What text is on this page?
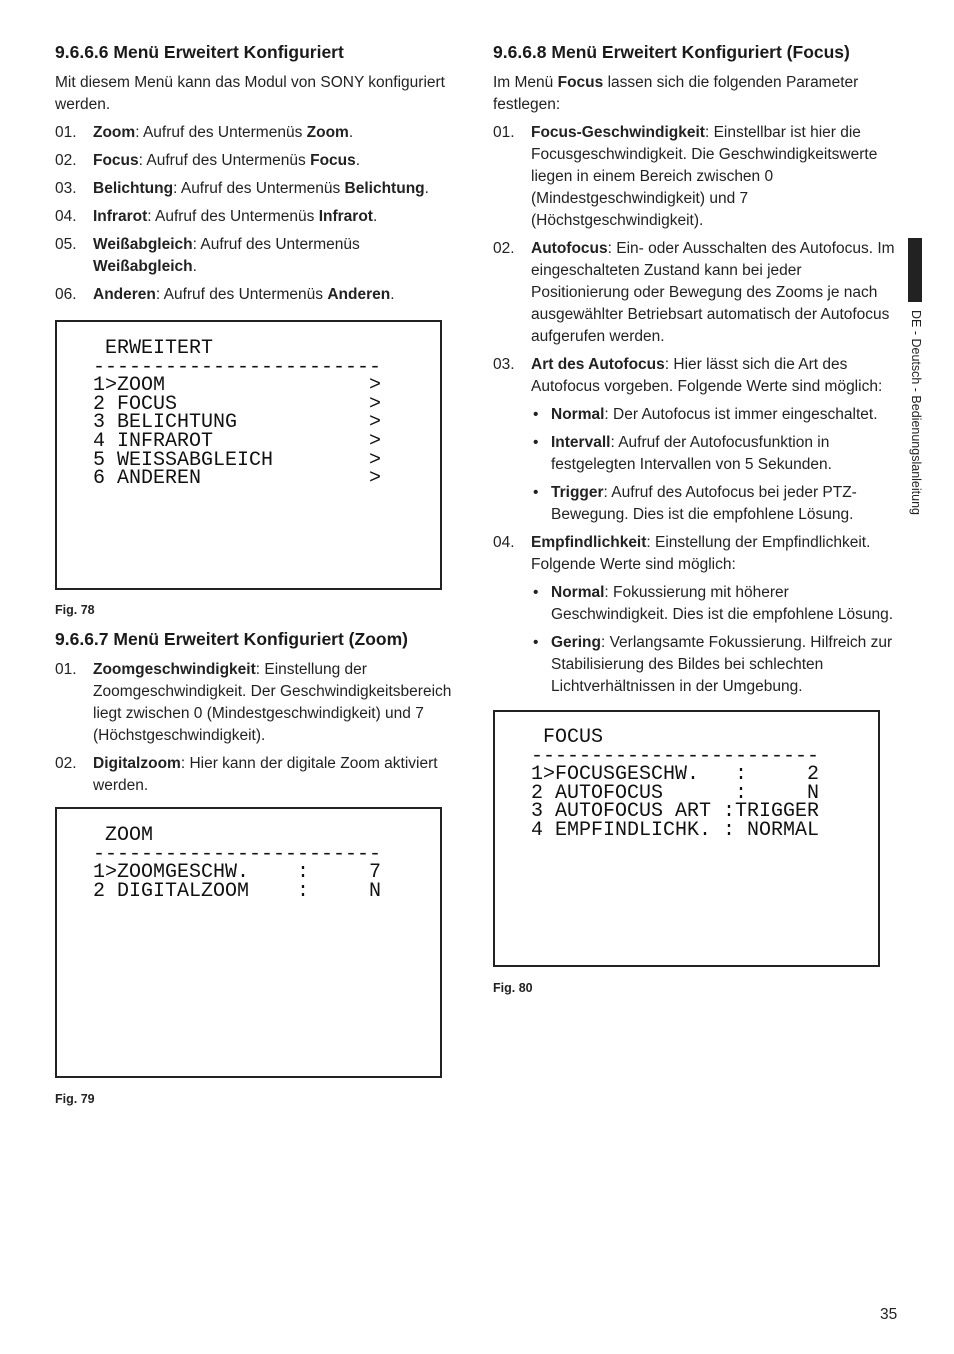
9.6.6.6 Menü Erweitert Konfiguriert

Mit diesem Menü kann das Modul von SONY konfiguriert werden.

01. Zoom: Aufruf des Untermenüs Zoom.
02. Focus: Aufruf des Untermenüs Focus.
03. Belichtung: Aufruf des Untermenüs Belichtung.
04. Infrarot: Aufruf des Untermenüs Infrarot.
05. Weißabgleich: Aufruf des Untermenüs Weißabgleich.
06. Anderen: Aufruf des Untermenüs Anderen.
ERWEITERT
------------------------
1>ZOOM                 >
2 FOCUS                >
3 BELICHTUNG           >
4 INFRAROT             >
5 WEISSABGLEICH        >
6 ANDEREN              >
Fig. 78
9.6.6.7 Menü Erweitert Konfiguriert (Zoom)
01. Zoomgeschwindigkeit: Einstellung der Zoomgeschwindigkeit. Der Geschwindigkeitsbereich liegt zwischen 0 (Mindestgeschwindigkeit) und 7 (Höchstgeschwindigkeit).
02. Digitalzoom: Hier kann der digitale Zoom aktiviert werden.
ZOOM
------------------------
1>ZOOMGESCHW.    :     7
2 DIGITALZOOM    :     N
Fig. 79
9.6.6.8 Menü Erweitert Konfiguriert (Focus)

Im Menü Focus lassen sich die folgenden Parameter festlegen:

01. Focus-Geschwindigkeit: Einstellbar ist hier die Focusgeschwindigkeit. Die Geschwindigkeitswerte liegen in einem Bereich zwischen 0 (Mindestgeschwindigkeit) und 7 (Höchstgeschwindigkeit).
02. Autofocus: Ein- oder Ausschalten des Autofocus. Im eingeschalteten Zustand kann bei jeder Positionierung oder Bewegung des Zooms je nach ausgewählter Betriebsart automatisch der Autofocus aufgerufen werden.
03. Art des Autofocus: Hier lässt sich die Art des Autofocus vorgeben. Folgende Werte sind möglich:
• Normal: Der Autofocus ist immer eingeschaltet.
• Intervall: Aufruf der Autofocusfunktion in festgelegten Intervallen von 5 Sekunden.
• Trigger: Aufruf des Autofocus bei jeder PTZ-Bewegung. Dies ist die empfohlene Lösung.
04. Empfindlichkeit: Einstellung der Empfindlichkeit. Folgende Werte sind möglich:
• Normal: Fokussierung mit höherer Geschwindigkeit. Dies ist die empfohlene Lösung.
• Gering: Verlangsamte Fokussierung. Hilfreich zur Stabilisierung des Bildes bei schlechten Lichtverhältnissen in der Umgebung.
FOCUS
------------------------
1>FOCUSGESCHW.   :     2
2 AUTOFOCUS      :     N
3 AUTOFOCUS ART :TRIGGER
4 EMPFINDLICHK. : NORMAL
Fig. 80
DE - Deutsch - Bedienungslanleitung
35
